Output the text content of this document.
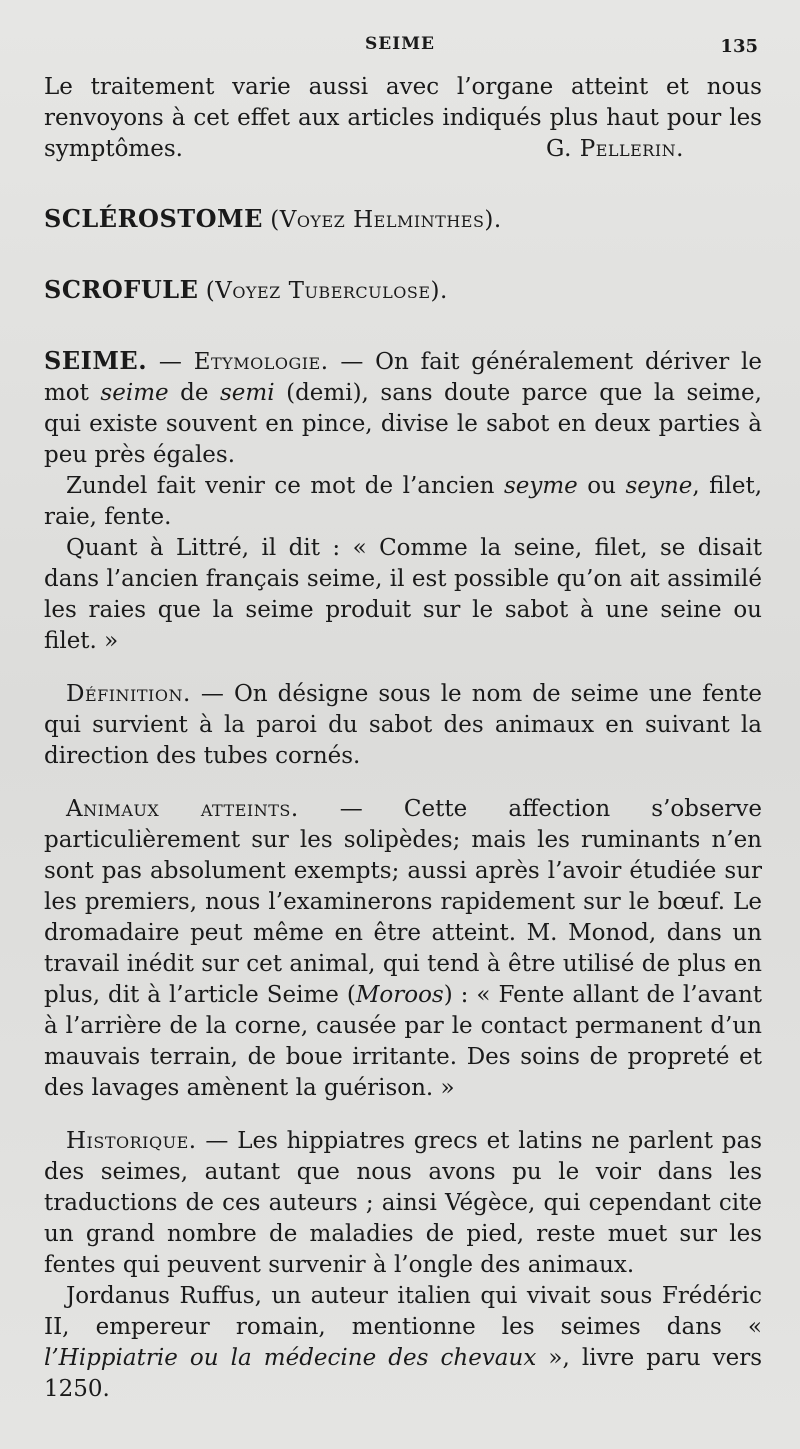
SEIME	135

Le traitement varie aussi avec l’organe atteint et nous renvoyons à cet effet aux articles indiqués plus haut pour les symptômes.	G. Pellerin.

SCLÉROSTOME (Voyez Helminthes).

SCROFULE (Voyez Tuberculose).

SEIME. — Etymologie. — On fait généralement dériver le mot seime de semi (demi), sans doute parce que la seime, qui existe souvent en pince, divise le sabot en deux parties à peu près égales.

Zundel fait venir ce mot de l’ancien seyme ou seyne, filet, raie, fente.

Quant à Littré, il dit : « Comme la seine, filet, se disait dans l’ancien français seime, il est possible qu’on ait assimilé les raies que la seime produit sur le sabot à une seine ou filet. »

Définition. — On désigne sous le nom de seime une fente qui survient à la paroi du sabot des animaux en suivant la direction des tubes cornés.

Animaux atteints. — Cette affection s’observe particulièrement sur les solipèdes; mais les ruminants n’en sont pas absolument exempts; aussi après l’avoir étudiée sur les premiers, nous l’examinerons rapidement sur le bœuf. Le dromadaire peut même en être atteint. M. Monod, dans un travail inédit sur cet animal, qui tend à être utilisé de plus en plus, dit à l’article Seime (Moroos) : « Fente allant de l’avant à l’arrière de la corne, causée par le contact permanent d’un mauvais terrain, de boue irritante. Des soins de propreté et des lavages amènent la guérison. »

Historique. — Les hippiatres grecs et latins ne parlent pas des seimes, autant que nous avons pu le voir dans les traductions de ces auteurs ; ainsi Végèce, qui cependant cite un grand nombre de maladies de pied, reste muet sur les fentes qui peuvent survenir à l’ongle des animaux.

Jordanus Ruffus, un auteur italien qui vivait sous Frédéric II, empereur romain, mentionne les seimes dans « l’Hippiatrie ou la médecine des chevaux », livre paru vers 1250.
